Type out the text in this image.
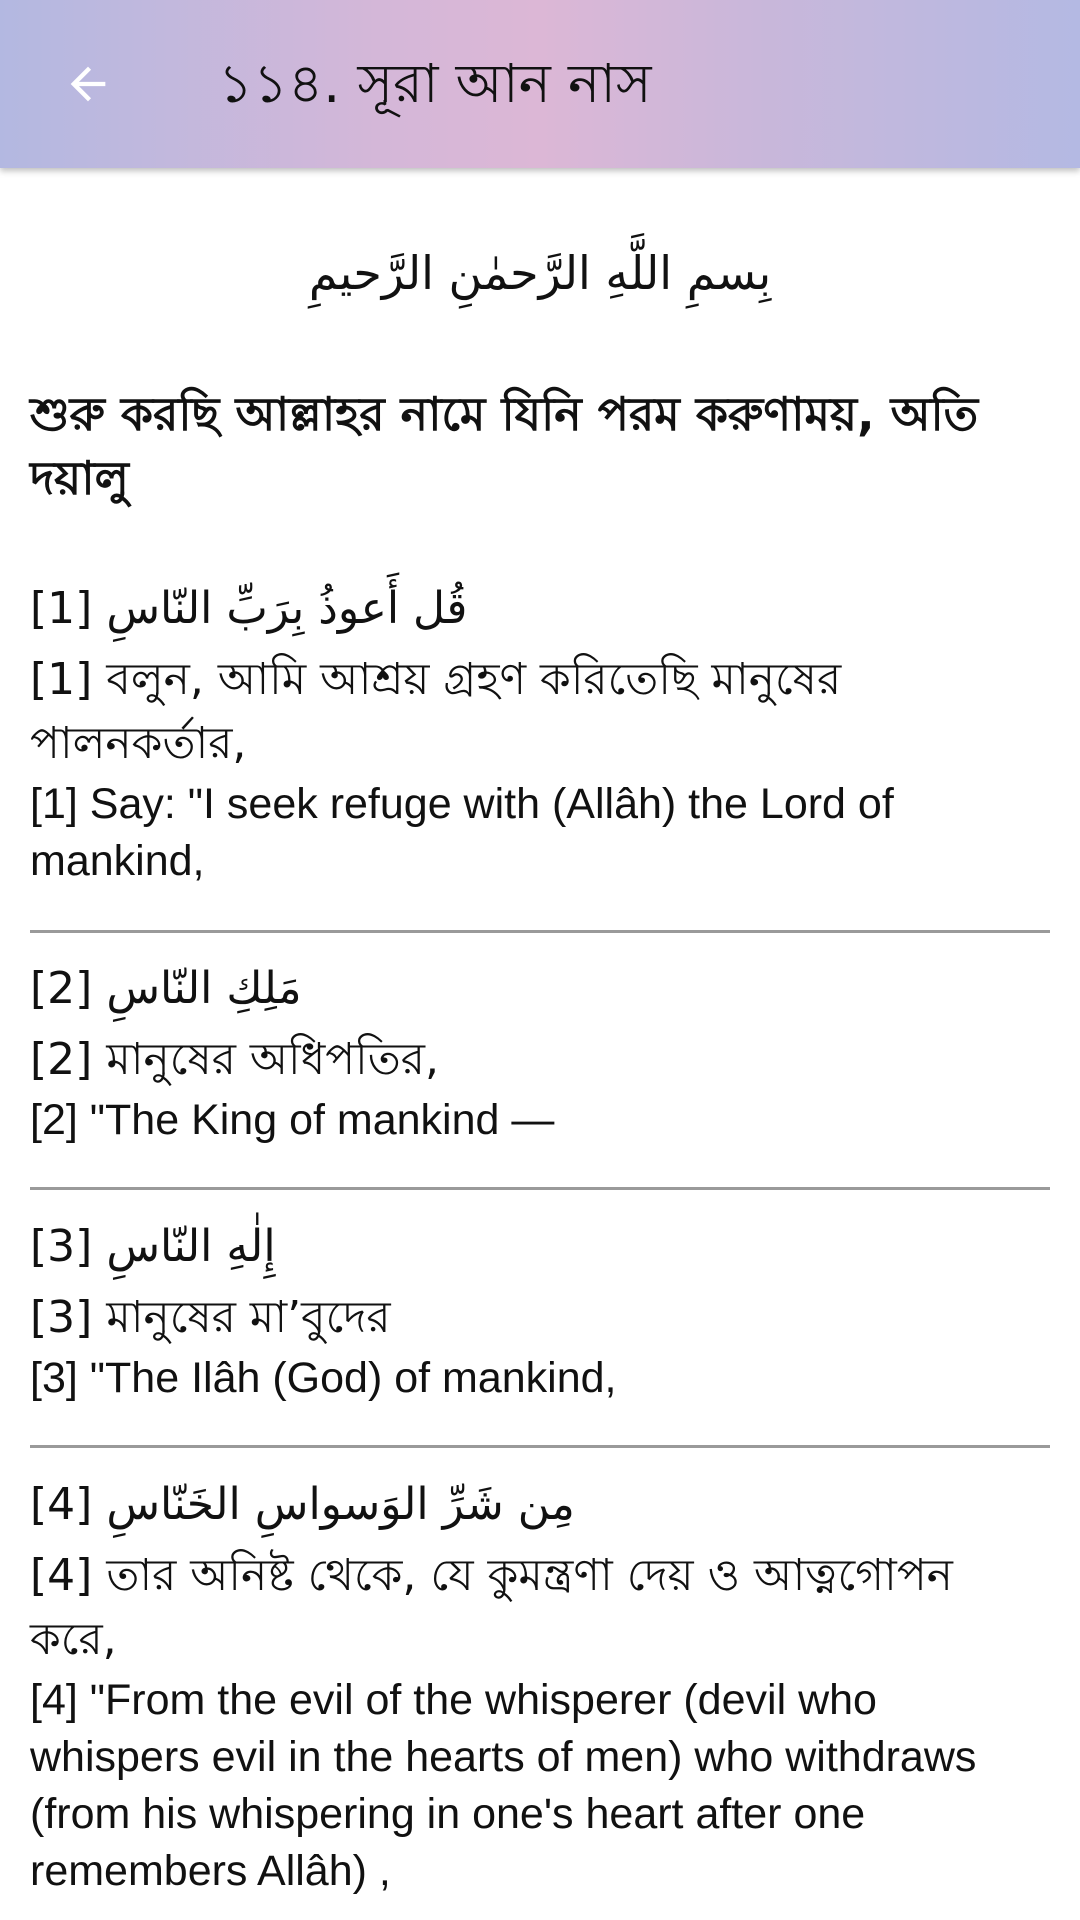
১১৪. সূরা আন নাস
بِسمِ اللَّهِ الرَّحمٰنِ الرَّحيمِ
শুরু করছি আল্লাহর নামে যিনি পরম করুণাময়, অতি দয়ালু
[1] قُل أَعوذُ بِرَبِّ النّاسِ
[1] বলুন, আমি আশ্রয় গ্রহণ করিতেছি মানুষের পালনকর্তার,
[1] Say: "I seek refuge with (Allâh) the Lord of mankind,
[2] مَلِكِ النّاسِ
[2] মানুষের অধিপতির,
[2] "The King of mankind —
[3] إِلٰهِ النّاسِ
[3] মানুষের মা’বুদের
[3] "The Ilâh (God) of mankind,
[4] مِن شَرِّ الوَسواسِ الخَنّاسِ
[4] তার অনিষ্ট থেকে, যে কুমন্ত্রণা দেয় ও আত্নগোপন করে,
[4] "From the evil of the whisperer (devil who whispers evil in the hearts of men) who withdraws (from his whispering in one's heart after one remembers Allâh) ,
